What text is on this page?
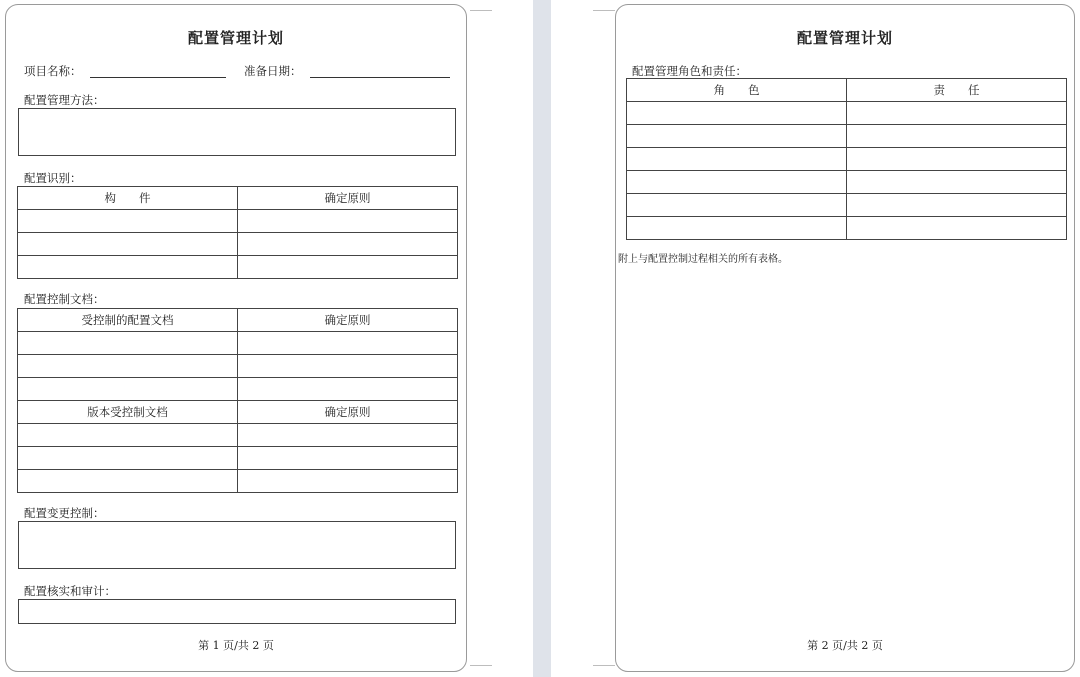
配置管理计划
项目名称：	准备日期：
配置管理方法：
配置识别：
构　　件	确定原则

配置控制文档：
受控制的配置文档	确定原则

版本受控制文档	确定原则

配置变更控制：
配置核实和审计：
第 1 页/共 2 页
配置管理计划
配置管理角色和责任：
角　　色	责　　任

附上与配置控制过程相关的所有表格。
第 2 页/共 2 页
